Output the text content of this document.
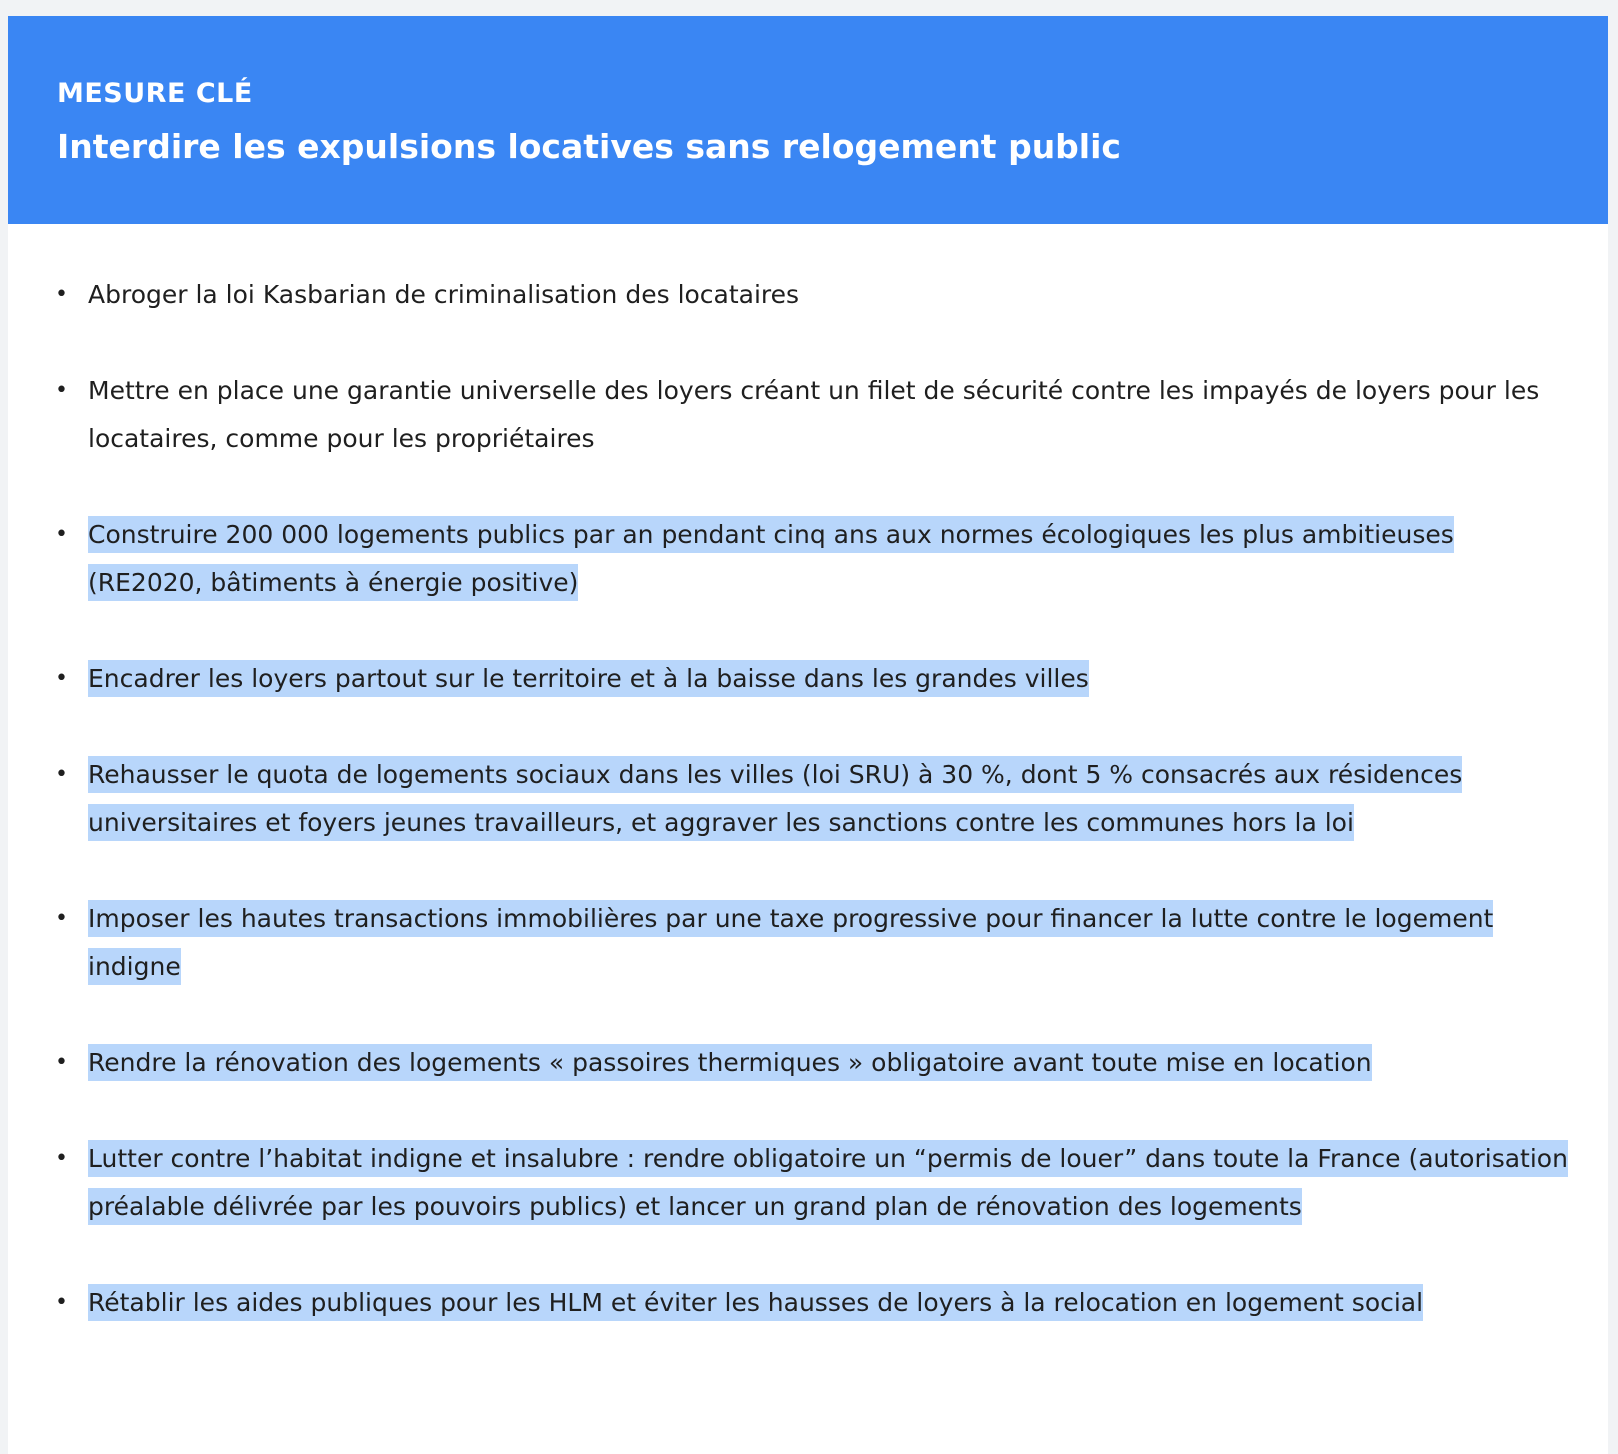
MESURE CLÉ
Interdire les expulsions locatives sans relogement public
• Abroger la loi Kasbarian de criminalisation des locataires
• Mettre en place une garantie universelle des loyers créant un filet de sécurité contre les impayés de loyers pour les locataires, comme pour les propriétaires
• Construire 200 000 logements publics par an pendant cinq ans aux normes écologiques les plus ambitieuses (RE2020, bâtiments à énergie positive)
• Encadrer les loyers partout sur le territoire et à la baisse dans les grandes villes
• Rehausser le quota de logements sociaux dans les villes (loi SRU) à 30 %, dont 5 % consacrés aux résidences universitaires et foyers jeunes travailleurs, et aggraver les sanctions contre les communes hors la loi
• Imposer les hautes transactions immobilières par une taxe progressive pour financer la lutte contre le logement indigne
• Rendre la rénovation des logements « passoires thermiques » obligatoire avant toute mise en location
• Lutter contre l’habitat indigne et insalubre : rendre obligatoire un “permis de louer” dans toute la France (autorisation préalable délivrée par les pouvoirs publics) et lancer un grand plan de rénovation des logements
• Rétablir les aides publiques pour les HLM et éviter les hausses de loyers à la relocation en logement social
